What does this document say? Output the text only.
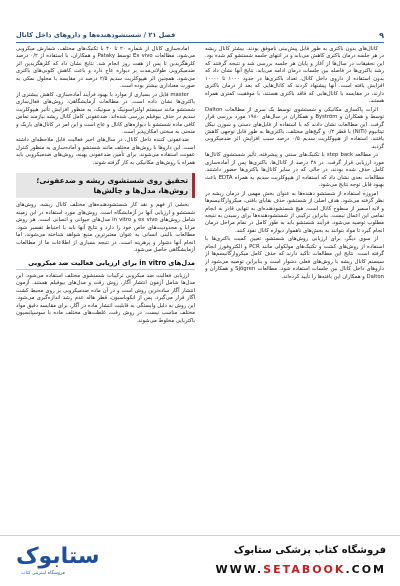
۹
فصل ۲۱ / شستشودهنده‌ها و داروهای داخل کانال

کانال‌های بدون باکتری به طور قابل پیش‌بینی ناموفق بودند. بیشتر کانال ریشه در هر جلسه درمان باکتری کاهش می‌یابد و در انتهای جلسه شستشو کم شده بود. این تحقیقات در سال‌ها از آغاز و پایان هر جلسه بررسی شد و نتیجه گرفتند که رشد باکتری‌ها در فاصله بین جلسات درمان ادامه می‌یابد. نتایج آنها نشان داد که بدون استفاده از داروی داخل کانال، تعداد باکتری‌ها در حدود ۱۰۰۰ تا ۱۰۰۰۰ افزایش یافته است. آنها پیشنهاد کردند که کانال‌هایی که بعد از درمان باکتری دارند، در مقایسه با کانال‌هایی که فاقد باکتری هستند، با موفقیت کمتری همراه هستند.

اثرات پاکسازی مکانیکی و شستشوی توسط یک سری از مطالعات Dalton توسط و همکاران و Byström و همکاران در سال‌های ۱۹۸۰ مورد بررسی قرار گرفت. این مطالعات نشان دادند که با استفاده از فایل‌های دستی و سوزن نیکل تیتانیوم (NiTi) با قطر ۰/۲ و گیج‌های مختلف، باکتری‌ها به طور قابل توجهی کاهش یافتند. استفاده از هیپوکلریت سدیم ۰/۵ درصد سبب افزایش اثر ضدمیکروبی گردید.

در مطالعه step back با تکنیک‌های سنتی و پیشرفته، تأثیر شستشوی کانال‌ها مورد ارزیابی قرار گرفت. در ۴۸ درصد از کانال‌ها، باکتری‌ها پس از آماده‌سازی کامل حذف شده بودند، در حالی که در سایر کانال‌ها باکتری‌ها حضور داشتند. مطالعات بعدی نشان داد که استفاده از هیپوکلریت سدیم به همراه EDTA باعث بهبود قابل توجه نتایج می‌شود.

امروزه استفاده از شستشو دهنده‌ها به عنوان بخش مهمی از درمان ریشه در نظر گرفته می‌شود. هدف اصلی از شستشو، حذف بقایای بافتی، میکروارگانیسم‌ها و لایه اسمیر از سطوح کانال است. هیچ شستشودهنده‌ای به تنهایی قادر به انجام تمامی این اعمال نیست. بنابراین ترکیبی از شستشودهنده‌ها برای رسیدن به نتیجه مطلوب توصیه می‌شود. فرآیند شستشو باید به طور کامل در تمام مراحل درمان انجام گیرد تا مواد بتوانند به بخش‌های ناهموار دیواره کانال نفوذ کنند.

از سوی دیگر، برای ارزیابی روش‌های شستشو، تعیین کمیت باکتری‌ها با استفاده از روش‌های کشت و تکنیک‌های مولکولی مانند PCR و الکتروفورز انجام گرفته است. نتایج این مطالعات تأکید دارند که حذف کامل میکروارگانیسم‌ها از سیستم کانال ریشه با روش‌های فعلی دشوار است و بنابراین توصیه می‌شود از داروهای داخل کانال بین جلسات استفاده شود. مطالعات Sjögren و همکاران و Dalton و همکاران این یافته‌ها را تأیید کرده‌اند.

آماده‌سازی کانال از شماره ۲۰ تا ۴۰ با تکنیک‌های مختلف، شمارش میکروبی می‌شود. مطالعات Ex vivo توسط Pataky و همکاران، با استفاده از ۰/۲ درصد کلرهگزیدین تا پس از هفت روز انجام شد. نتایج نشان داد که کلرهگزیدین اثر ضدمیکروبی طولانی‌مدت بر دیواره عاج دارد و باعث کاهش کلونی‌های باکتری می‌شود. همچنین اثر هیپوکلریت سدیم ۲/۵ درصد در مقایسه با محلول نمکی به صورت معناداری بیشتر بوده است.

master فایل در بسیاری از موارد با بهبود فرآیند آماده‌سازی، کاهش بیشتری از باکتری‌ها نشان داده است. در مطالعات آزمایشگاهی، روش‌های فعال‌سازی شستشو مانند سیستم اولتراسونیک و سونیک، به منظور افزایش تأثیر هیپوکلریت سدیم در حذف بیوفیلم بررسی شده‌اند. ضدعفونی کامل کانال ریشه نیازمند تماس کافی ماده شستشو با دیواره‌های کانال و عاج است و این امر در کانال‌های باریک و منحنی به سختی امکان‌پذیر است.

ضدعفونی کننده داخل کانال، در سال‌های اخیر فعالیت قابل ملاحظه‌ای داشته است. این داروها با روش‌های مختلف مانند شستشو و آماده‌سازی به منظور کنترل عفونت استفاده می‌شوند. برای تأمین ضدعفونی بهینه، روش‌های ضدمیکروبی باید همراه با روش‌های مکانیکی به کار گرفته شوند.

تحقیق روی شستشوی ریشه و ضدعفونی؛ روش‌ها، مدل‌ها و چالش‌ها

بخشی از فهم و نقد کار شستشودهنده‌های مختلف کانال ریشه، روش‌های شستشو و ارزیابی آنها در آزمایشگاه است. روش‌های مورد استفاده در این زمینه شامل روش‌های ex vivo و in vitro مدل‌های حیوانی و انسانی است. هر روش مزایا و محدودیت‌های خاص خود را دارد و نتایج آنها باید با احتیاط تفسیر شود. مطالعات بالینی انسانی به عنوان معتبرترین منبع شواهد شناخته می‌شوند، اما انجام آنها دشوار و پرهزینه است. در نتیجه بسیاری از اطلاعات ما از مطالعات آزمایشگاهی حاصل می‌شود.

مدل‌های in vitro برای ارزیابی فعالیت ضد میکروبی

ارزیابی فعالیت ضد میکروبی ترکیبات شستشوی مختلف استفاده می‌شود. این مدل‌ها شامل آزمون انتشار آگار، روش رقت و مدل‌های بیوفیلم هستند. آزمون انتشار آگار ساده‌ترین روش است و در آن ماده ضدمیکروبی بر روی محیط کشت آگار قرار می‌گیرد. پس از انکوباسیون، قطر هاله عدم رشد اندازه‌گیری می‌شود. این روش به دلیل وابستگی به قابلیت انتشار ماده در آگار، برای مقایسه دقیق مواد مختلف مناسب نیست. در روش رقت، غلظت‌های مختلف ماده با سوسپانسیون باکتریایی مخلوط می‌شوند.

ستابوک
فروشگاه اینترنتی کتاب
فروشگاه کتاب پزشکی ستابوک
WWW.SETABOOK.COM
